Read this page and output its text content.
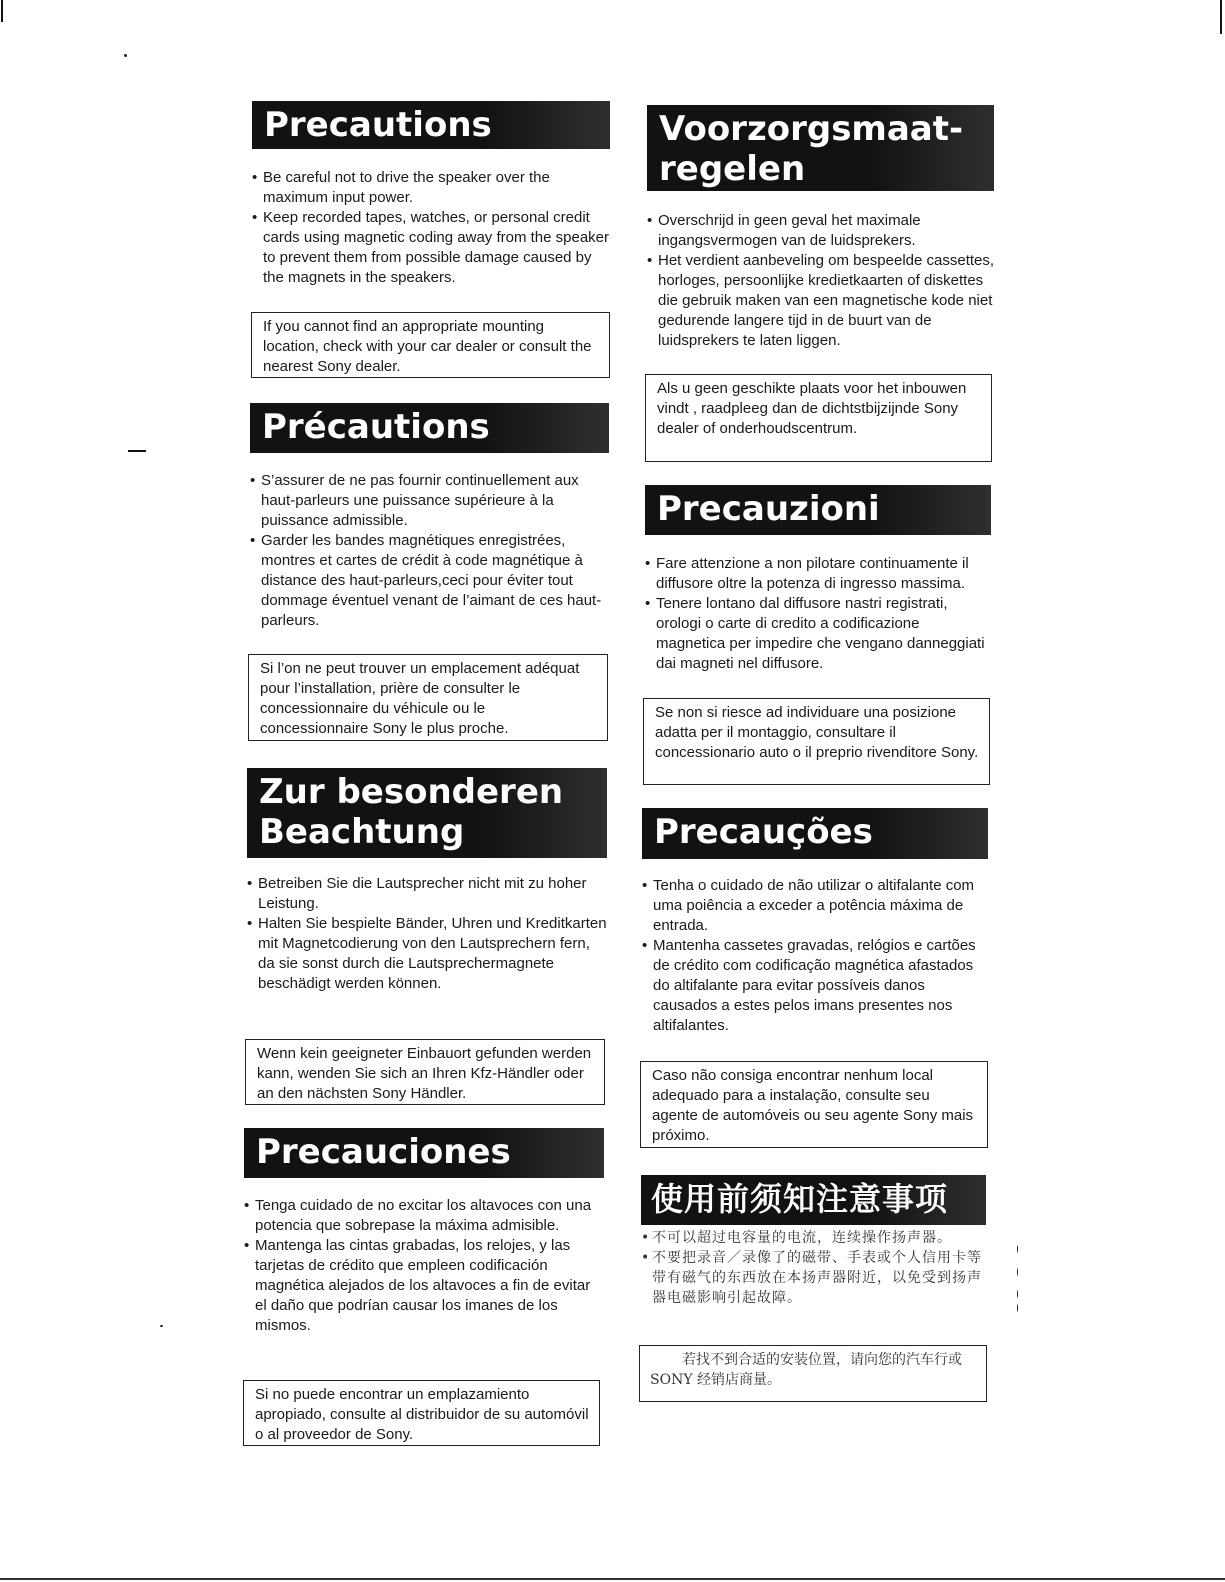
Precautions
• Be careful not to drive the speaker over the maximum input power.
• Keep recorded tapes, watches, or personal credit cards using magnetic coding away from the speaker to prevent them from possible damage caused by the magnets in the speakers.
If you cannot find an appropriate mounting location, check with your car dealer or consult the nearest Sony dealer.
Précautions
• S’assurer de ne pas fournir continuellement aux haut-parleurs une puissance supérieure à la puissance admissible.
• Garder les bandes magnétiques enregistrées, montres et cartes de crédit à code magnétique à distance des haut-parleurs,ceci pour éviter tout dommage éventuel venant de l’aimant de ces haut-parleurs.
Si l’on ne peut trouver un emplacement adéquat pour l’installation, prière de consulter le concessionnaire du véhicule ou le concessionnaire Sony le plus proche.
Zur besonderen
Beachtung
• Betreiben Sie die Lautsprecher nicht mit zu hoher Leistung.
• Halten Sie bespielte Bänder, Uhren und Kreditkarten mit Magnetcodierung von den Lautsprechern fern, da sie sonst durch die Lautsprechermagnete beschädigt werden können.
Wenn kein geeigneter Einbauort gefunden werden kann, wenden Sie sich an Ihren Kfz-Händler oder an den nächsten Sony Händler.
Precauciones
• Tenga cuidado de no excitar los altavoces con una potencia que sobrepase la máxima admisible.
• Mantenga las cintas grabadas, los relojes, y las tarjetas de crédito que empleen codificación magnética alejados de los altavoces a fin de evitar el daño que podrían causar los imanes de los mismos.
Si no puede encontrar un emplazamiento apropiado, consulte al distribuidor de su automóvil o al proveedor de Sony.
Voorzorgsmaat-
regelen
• Overschrijd in geen geval het maximale ingangsvermogen van de luidsprekers.
• Het verdient aanbeveling om bespeelde cassettes, horloges, persoonlijke kredietkaarten of diskettes die gebruik maken van een magnetische kode niet gedurende langere tijd in de buurt van de luidsprekers te laten liggen.
Als u geen geschikte plaats voor het inbouwen vindt , raadpleeg dan de dichtstbijzijnde Sony dealer of onderhoudscentrum.
Precauzioni
• Fare attenzione a non pilotare continuamente il diffusore oltre la potenza di ingresso massima.
• Tenere lontano dal diffusore nastri registrati, orologi o carte di credito a codificazione magnetica per impedire che vengano danneggiati dai magneti nel diffusore.
Se non si riesce ad individuare una posizione adatta per il montaggio, consultare il concessionario auto o il preprio rivenditore Sony.
Precauções
• Tenha o cuidado de não utilizar o altifalante com uma poiência a exceder a potência máxima de entrada.
• Mantenha cassetes gravadas, relógios e cartões de crédito com codificação magnética afastados do altifalante para evitar possíveis danos causados a estes pelos imans presentes nos altifalantes.
Caso não consiga encontrar nenhum local adequado para a instalação, consulte seu agente de automóveis ou seu agente Sony mais próximo.
使用前须知注意事项
• 不可以超过电容量的电流，连续操作扬声器。
• 不要把录音／录像了的磁带、手表或个人信用卡等带有磁气的东西放在本扬声器附近，以免受到扬声器电磁影响引起故障。
若找不到合适的安装位置，请向您的汽车行或 SONY 经销店商量。
